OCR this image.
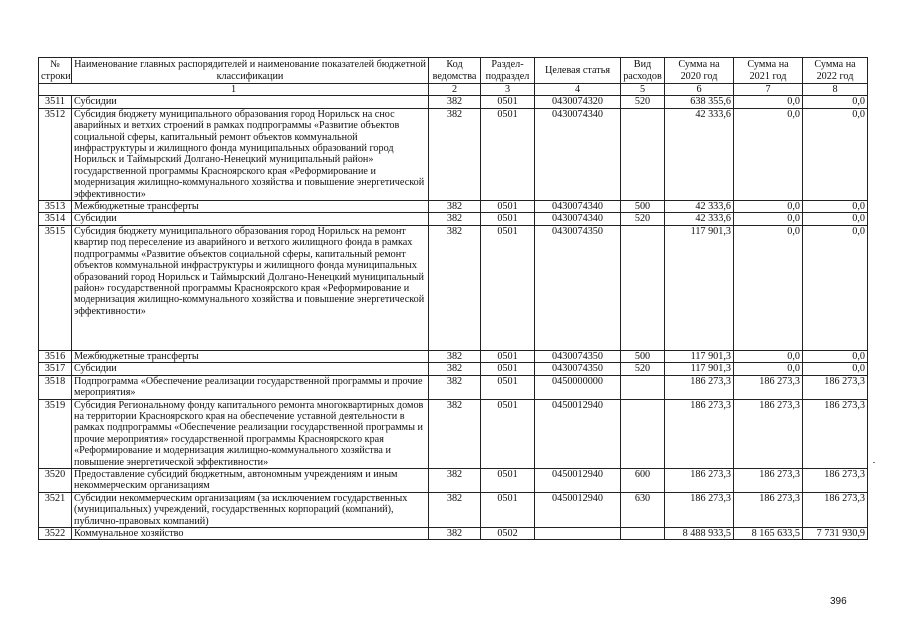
№ строки	Наименование главных распорядителей и наименование показателей бюджетной классификации	Код ведомства	Раздел-подраздел	Целевая статья	Вид расходов	Сумма на 2020 год	Сумма на 2021 год	Сумма на 2022 год
1		2	3	4	5	6	7	8
3511	Субсидии	382	0501	0430074320	520	638 355,6	0,0	0,0
3512	Субсидия бюджету муниципального образования город Норильск на снос аварийных и ветхих строений в рамках подпрограммы «Развитие объектов социальной сферы, капитальный ремонт объектов коммунальной инфраструктуры и жилищного фонда муниципальных образований город Норильск и Таймырский Долгано-Ненецкий муниципальный район» государственной программы Красноярского края «Реформирование и модернизация жилищно-коммунального хозяйства и повышение энергетической эффективности»	382	0501	0430074340		42 333,6	0,0	0,0
3513	Межбюджетные трансферты	382	0501	0430074340	500	42 333,6	0,0	0,0
3514	Субсидии	382	0501	0430074340	520	42 333,6	0,0	0,0
3515	Субсидия бюджету муниципального образования город Норильск на ремонт квартир под переселение из аварийного и ветхого жилищного фонда в рамках подпрограммы «Развитие объектов социальной сферы, капитальный ремонт объектов коммунальной инфраструктуры и жилищного фонда муниципальных образований город Норильск и Таймырский Долгано-Ненецкий муниципальный район» государственной программы Красноярского края «Реформирование и модернизация жилищно-коммунального хозяйства и повышение энергетической эффективности»	382	0501	0430074350		117 901,3	0,0	0,0
3516	Межбюджетные трансферты	382	0501	0430074350	500	117 901,3	0,0	0,0
3517	Субсидии	382	0501	0430074350	520	117 901,3	0,0	0,0
3518	Подпрограмма «Обеспечение реализации государственной программы и прочие мероприятия»	382	0501	0450000000		186 273,3	186 273,3	186 273,3
3519	Субсидия Региональному фонду капитального ремонта многоквартирных домов на территории Красноярского края на обеспечение уставной деятельности в рамках подпрограммы «Обеспечение реализации государственной программы и прочие мероприятия» государственной программы Красноярского края «Реформирование и модернизация жилищно-коммунального хозяйства и повышение энергетической эффективности»	382	0501	0450012940		186 273,3	186 273,3	186 273,3
3520	Предоставление субсидий бюджетным, автономным учреждениям и иным некоммерческим организациям	382	0501	0450012940	600	186 273,3	186 273,3	186 273,3
3521	Субсидии некоммерческим организациям (за исключением государственных (муниципальных) учреждений, государственных корпораций (компаний), публично-правовых компаний)	382	0501	0450012940	630	186 273,3	186 273,3	186 273,3
3522	Коммунальное хозяйство	382	0502			8 488 933,5	8 165 633,5	7 731 930,9
396
